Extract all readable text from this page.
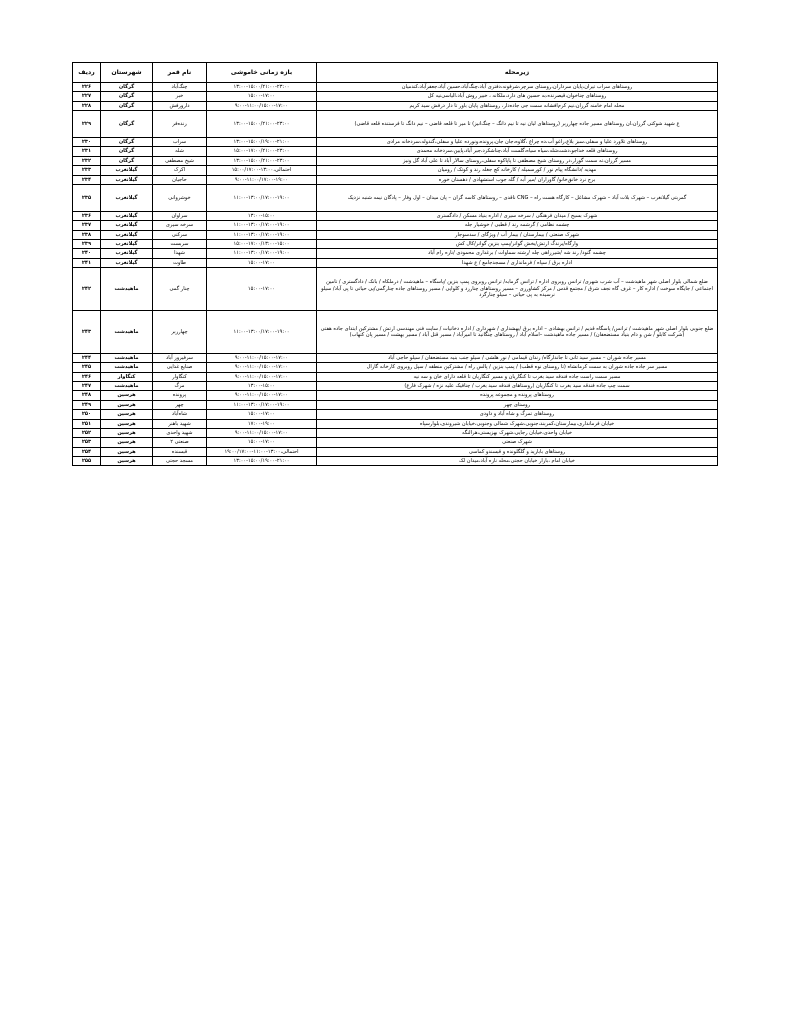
زیرمحله	بازه زمانی خاموشی	نام قمر	شهرستان	ردیف
روستاهای سراب تیران،پایان سرداران،روستای سرچر،شرفونه،دفتری آباد،چنگ‌آباد،حسین آباد،جعفرآباد،کندمیان	۱۳:۰۰-۱۵:۰۰/۲۱:۰۰-۲۳:۰۰	چنگ‌آباد	گرگان	۲۲۶
روستاهای چناخوان،قیصرنده،به حسین های دارد،ملکانه ، خبیر روش آباد،الیاسی‌نیه کل	۱۵:۰۰-۱۷:۰۰	خبر	گرگان	۲۲۷
محله امام خامنه گرزان،نیم کرم‌افشانه سمت جی جاده‌دار، روستاهای پایان باور تا دار درفش سید کریم	۹:۰۰-۱۱:۰۰/۱۵:۰۰-۱۷:۰۰	دارورفش	گرگان	۲۲۸
غ شهید شوکتی گرزان،ان روستاهای مسیر جاده چهارزبر (روستاهای لیان نیه تا نیم دانگ – چنگ‌انیز) تا میر تا قلعه قاضی – نیم دانگ تا فرستنده قلعه قاضی)	۱۳:۰۰-۱۵:۰۰/۲۱:۰۰-۲۳:۰۰	زنده‌فر	گرگان	۲۲۹
روستاهای تلاورد علیا و سفلی،سبز بلاغ،زاغو آب،ده چراغ ،گلاوه،جان جان،پرونده،ونورده علیا و سفلی،گندوله،سردخانه مرادی	۱۳:۰۰-۱۵:۰۰/۱۹:۰۰-۲۱:۰۰	سراب	گرگان	۲۳۰
روستاهای قلعه خداجو،دشت‌شله،سیاه سیاه،گلست آباد،چناشکرد،جبر آباد،پایین،سردخانه محمدی	۱۵:۰۰-۱۷:۰۰/۲۱:۰۰-۲۳:۰۰	شله	گرگان	۲۳۱
مسیر گرزان،ته سمت گوزار،در روستای شیخ مصطفی تا پاپاکوه سفلی،روستای سالار آباد تا علی آباد گل ونیز	۱۳:۰۰-۱۵:۰۰/۲۱:۰۰-۲۳:۰۰	شیخ مصطفی	گرگان	۲۳۲
مهدیه /دانشگاه پیام نور / کورسمیله / کارخانه کچ جغله رند و کوتک / رومیان	احتمالی،۱۳:۰۰-۱۵:۰۰/۱۷:۰۰	اکرک	گیلانغرب	۲۳۳
برج نرد خانق‌خانو/ گاوزاران /میر آبه / گله جوب استشهادی / دهستان خوره	۹:۰۰-۱۱:۰۰/۱۷:۰۰-۱۹:۰۰	حاجیان	گیلانغرب	۲۳۴
گمربتی گیلانغرب – شهرک بلات آباد – شهرک مشاغل – کارگاه هست راه – CNG ناقدی – روستاهای کاسه گران – پان میدان – اول وفار – پادگان نیمه شنبه نزدیک	۱۱:۰۰-۱۳:۰۰/۱۷:۰۰-۱۹:۰۰	خوشروانی	گیلانغرب	۲۳۵
شهرک بسیج / میدان فرهنگی / سرخه سیری / اداره بنیاد مسکن / دادگستری	۱۳:۰۰-۱۵:۰۰	سراوان	گیلانغرب	۲۳۶
چشمه نظامی / گرشمه رند / قطبی / خوشیار جله	۱۱:۰۰-۱۳:۰۰/۱۷:۰۰-۱۹:۰۰	سرخه سیری	گیلانغرب	۲۳۷
شهرک صنعتی / بیمارستان / بیمار آب / ویژگای / سدسوجار	۱۱:۰۰-۱۳:۰۰/۱۷:۰۰-۱۹:۰۰	سرکنی	گیلانغرب	۲۳۸
وارگاه/یرندگ ارتش/بخش گوانر/پمپ بنزین گوانر/کال کش	۱۵:۰۰-۱۷:۰۰/۱۳:۰۰-۱۵:۰۰	سربست	گیلانغرب	۲۳۹
چشمه گنود/ رند شه /شیرزاهی چله /رشته سماوات / برغداری محمودی /نازه رام آباد	۱۱:۰۰-۱۳:۰۰/۱۷:۰۰-۱۹:۰۰	شهدا	گیلانغرب	۲۴۰
اداره برق / سپاه / فرمانداری / مسجدجامع / ع شهدا	۱۵:۰۰-۱۷:۰۰	طاوت	گیلانغرب	۲۴۱
ضلع شمالی بلوار اصلی شهر ماهیدشت – آب شرب شهری/ ترانس روبروی اداره / ترانس گرمابه/ ترانس روبروی پمپ بنزین /پاسگاه – ماهیدشت / درملکاه / بانک / دادگستری / تامین اجتماعی / جایگاه سوخت / اداره کار – غرف گاه نجف شرق / مجتمع قدس / مرکز کشاورزی – مسیر روستاهای چنارزد و کلوایی / مسیر روستاهای جاده چنارگمی/پی حیاتی تا پی آباد/ سیلو نرسیده به پی حیاتی – سیلو چنارگرد	۱۵:۰۰-۱۷:۰۰	چنار گمی	ماهیدشت	۲۴۲
ضلع جنوبی بلوار اصلی شهر ماهیدشت / ترانس/ پاسگاه قدیم / ترانس بهشادی – اداره برق /بهشداری / شهرداری / اداره دخانیات / سایت فنی مهندسی ارتش / مشترکین ابتدای جاده هفتی (شرکت کابلو / شن و دام بنیاد مستضعفان) / مسیر جاده ماهیدشت –اسلام آباد / روستاهای چنگانید تا امیرآباد / مسیر قتل آباد / مسیر بهشت / مسیر پان کتهاب)	۱۱:۰۰-۱۳:۰۰/۱۷:۰۰-۱۹:۰۰	چهارزبر	ماهیدشت	۲۴۳
مسیر جاده شوران – مسیر سید ثانی تا جاندارگاه/ زندان قیمامی / نور هلشی / سیلو جنب بنیه مستضعفان / سیلو حاجی آباد	۹:۰۰-۱۱:۰۰/۱۵:۰۰-۱۷:۰۰	سرفیروز آباد	ماهیدشت	۲۴۴
مسیر سر جاده جاده شوران به سمت کرمانشاه (تا روستای نوه قطب) / پمپ بنزین / پالس راه / مشترکین منطقه / سپل روبروی کارخانه گازال	۹:۰۰-۱۱:۰۰/۱۵:۰۰-۱۷:۰۰	صنایع غذایی	ماهیدشت	۲۴۵
مسیر سمت راست جاده فندقه سید بغرب تا کنگاریان و مسیر کنگاریان تا قلعه دارای خان و سه نیه	۹:۰۰-۱۱:۰۰/۱۵:۰۰-۱۷:۰۰	کنگاوار	کنگاوار	۲۴۶
سمت چپ جاده فندقه سید بغرب تا کنگاریان (روستاهای فندقه سید بغرب / چنافیک علیه نزه / شهرک فارغ)	۱۳:۰۰-۱۵:۰۰	مرگ	ماهیدشت	۲۴۷
روستاهای پرونده و مجموعه پرونده	۹:۰۰-۱۱:۰۰/۱۵:۰۰-۱۷:۰۰	پرونده	هرسین	۲۴۸
روستای چهر	۱۱:۰۰-۱۳:۰۰/۱۷:۰۰-۱۹:۰۰	چهر	هرسین	۲۴۹
روستاهای تمرگ و شاه آباد و داودی	۱۵:۰۰-۱۷:۰۰	شاه‌آباد	هرسین	۲۵۰
خیابان فرمانداری،بیمارستان،کمربند،جنوبی،شهرک شمالی وجنوبی،خیابان شیروندی،بلوارسپاه	۱۷:۰۰-۱۹:۰۰	شهید باهنر	هرسین	۲۵۱
خیابان واحدی،خیابان رجایی،شهرک بهزیستی،هرالنگه	۹:۰۰-۱۱:۰۰/۱۵:۰۰-۱۷:۰۰	شهید واحدی	هرسین	۲۵۲
شهرک صنعتی	۱۵:۰۰-۱۷:۰۰	صنعتی ۲	هرسین	۲۵۳
روستاهای بابازید و گلگلونده و قبسندو کماسی	احتمالی،۱۳:۰۰-۱۱:۰۰-۱۹:۰۰/۱۷:۰۰	قبسنده	هرسین	۲۵۴
خیابان امام ،بازار خیابان حجتی،محله نازه آباد،میدان لک	۱۳:۰۰-۱۵:۰۰/۱۹:۰۰-۲۱:۰۰	مسجد حجتی	هرسین	۲۵۵
